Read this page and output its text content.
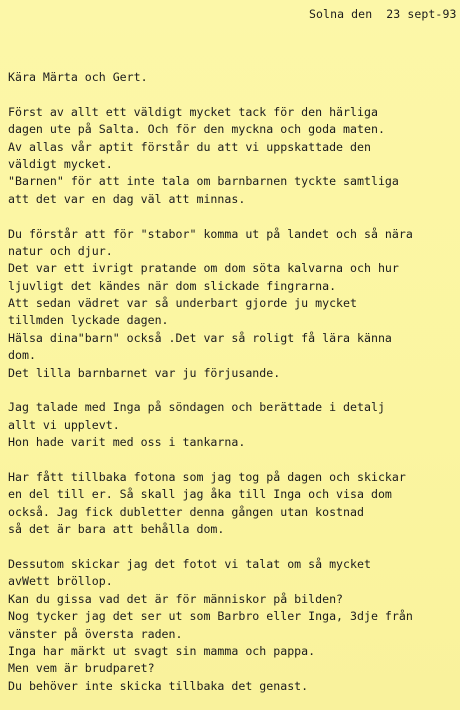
Solna den  23 sept-93
Kära Märta och Gert.
Först av allt ett väldigt mycket tack för den härliga
dagen ute på Salta. Och för den myckna och goda maten.
Av allas vår aptit förstår du att vi uppskattade den
väldigt mycket.
"Barnen" för att inte tala om barnbarnen tyckte samtliga
att det var en dag väl att minnas.
Du förstår att för "stabor" komma ut på landet och så nära
natur och djur.
Det var ett ivrigt pratande om dom söta kalvarna och hur
ljuvligt det kändes när dom slickade fingrarna.
Att sedan vädret var så underbart gjorde ju mycket
tillmden lyckade dagen.
Hälsa dina"barn" också .Det var så roligt få lära känna
dom.
Det lilla barnbarnet var ju förjusande.
Jag talade med Inga på söndagen och berättade i detalj
allt vi upplevt.
Hon hade varit med oss i tankarna.
Har fått tillbaka fotona som jag tog på dagen och skickar
en del till er. Så skall jag åka till Inga och visa dom
också. Jag fick dubletter denna gången utan kostnad
så det är bara att behålla dom.
Dessutom skickar jag det fotot vi talat om så mycket
avWett bröllop.
Kan du gissa vad det är för människor på bilden?
Nog tycker jag det ser ut som Barbro eller Inga, 3dje från
vänster på översta raden.
Inga har märkt ut svagt sin mamma och pappa.
Men vem är brudparet?
Du behöver inte skicka tillbaka det genast.
